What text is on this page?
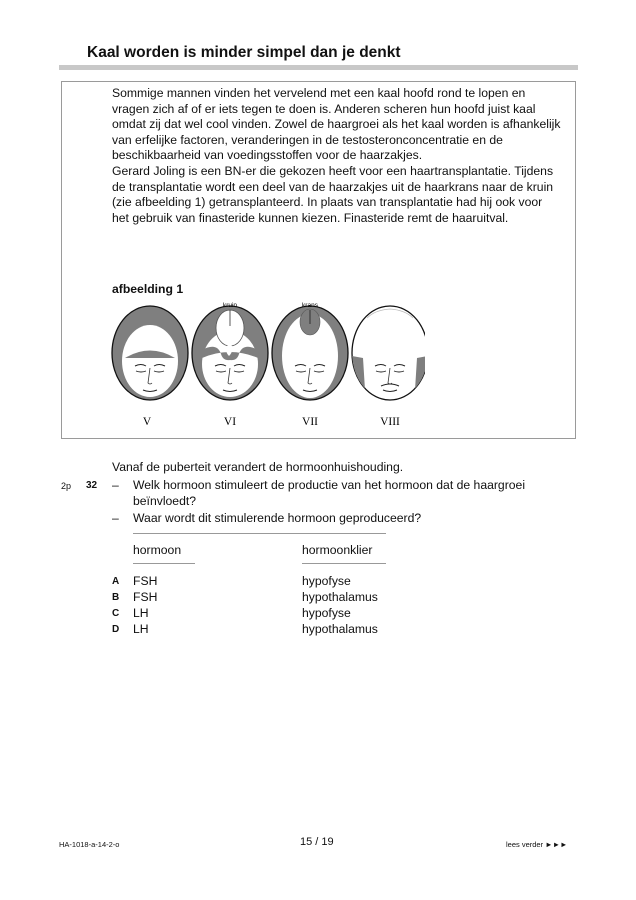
Kaal worden is minder simpel dan je denkt

Sommige mannen vinden het vervelend met een kaal hoofd rond te lopen en vragen zich af of er iets tegen te doen is. Anderen scheren hun hoofd juist kaal omdat zij dat wel cool vinden. Zowel de haargroei als het kaal worden is afhankelijk van erfelijke factoren, veranderingen in de testosteronconcentratie en de beschikbaarheid van voedingsstoffen voor de haarzakjes.

Gerard Joling is een BN-er die gekozen heeft voor een haartransplantatie. Tijdens de transplantatie wordt een deel van de haarzakjes uit de haarkrans naar de kruin (zie afbeelding 1) getransplanteerd. In plaats van transplantatie had hij ook voor het gebruik van finasteride kunnen kiezen. Finasteride remt de haaruitval.

afbeelding 1
kruin	krans
V	VI	VII	VIII
Vanaf de puberteit verandert de hormoonhuishouding.
2p 32 – Welk hormoon stimuleert de productie van het hormoon dat de haargroei beïnvloedt?
– Waar wordt dit stimulerende hormoon geproduceerd?
hormoon	hormoonklier
A FSH	hypofyse
B FSH	hypothalamus
C LH	hypofyse
D LH	hypothalamus
HA-1018-a-14-2-o	15 / 19	lees verder ►►►
